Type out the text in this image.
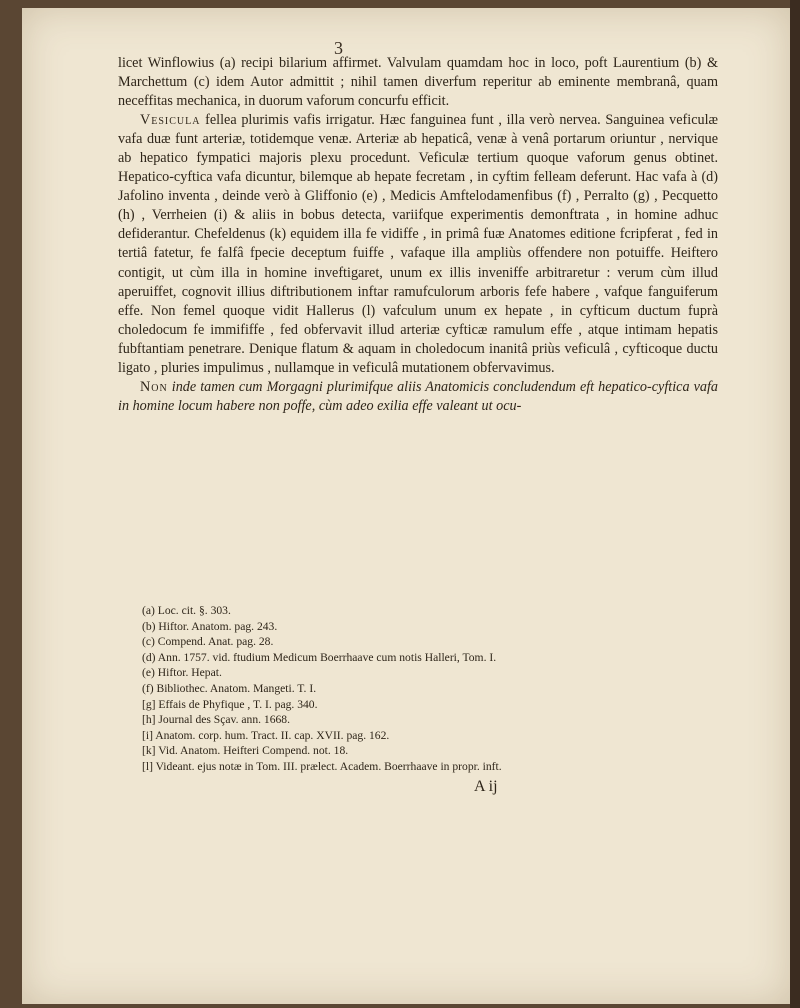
3

licet Winflowius (a) recipi bilarium affirmet. Valvulam quamdam hoc in loco, poft Laurentium (b) & Marchettum (c) idem Autor admittit ; nihil tamen diverfum reperitur ab eminente membranâ, quam neceffitas mechanica, in duorum vaforum concurfu efficit.

Vesicula fellea plurimis vafis irrigatur. Hæc fanguinea funt , illa verò nervea. Sanguinea veficulæ vafa duæ funt arteriæ, totidemque venæ. Arteriæ ab hepaticâ, venæ à venâ portarum oriuntur , nervique ab hepatico fympatici majoris plexu procedunt. Veficulæ tertium quoque vaforum genus obtinet. Hepatico-cyftica vafa dicuntur, bilemque ab hepate fecretam , in cyftim felleam deferunt. Hac vafa à (d) Jafolino inventa , deinde verò à Gliffonio (e) , Medicis Amftelodamenfibus (f) , Perralto (g) , Pecquetto (h) , Verrheien (i) & aliis in bobus detecta, variifque experimentis demonftrata , in homine adhuc defiderantur. Chefeldenus (k) equidem illa fe vidiffe , in primâ fuæ Anatomes editione fcripferat , fed in tertiâ fatetur, fe falfâ fpecie deceptum fuiffe , vafaque illa ampliùs offendere non potuiffe. Heiftero contigit, ut cùm illa in homine inveftigaret, unum ex illis inveniffe arbitraretur : verum cùm illud aperuiffet, cognovit illius diftributionem inftar ramufculorum arboris fefe habere , vafque fanguiferum effe. Non femel quoque vidit Hallerus (l) vafculum unum ex hepate , in cyfticum ductum fuprà choledocum fe immififfe , fed obfervavit illud arteriæ cyfticæ ramulum effe , atque intimam hepatis fubftantiam penetrare. Denique flatum & aquam in choledocum inanitâ priùs veficulâ , cyfticoque ductu ligato , pluries impulimus , nullamque in veficulâ mutationem obfervavimus.

Non inde tamen cum Morgagni plurimifque aliis Anatomicis concludendum eft hepatico-cyftica vafa in homine locum habere non poffe, cùm adeo exilia effe valeant ut ocu-

(a) Loc. cit. §. 303.

(b) Hiftor. Anatom. pag. 243.

(c) Compend. Anat. pag. 28.

(d) Ann. 1757. vid. ftudium Medicum Boerrhaave cum notis Halleri, Tom. I.

(e) Hiftor. Hepat.

(f) Bibliothec. Anatom. Mangeti. T. I.

[g] Effais de Phyfique , T. I. pag. 340.

[h] Journal des Sçav. ann. 1668.

[i] Anatom. corp. hum. Tract. II. cap. XVII. pag. 162.

[k] Vid. Anatom. Heifteri Compend. not. 18.

[l] Videant. ejus notæ in Tom. III. prælect. Academ. Boerrhaave in propr. inft.

A ij
